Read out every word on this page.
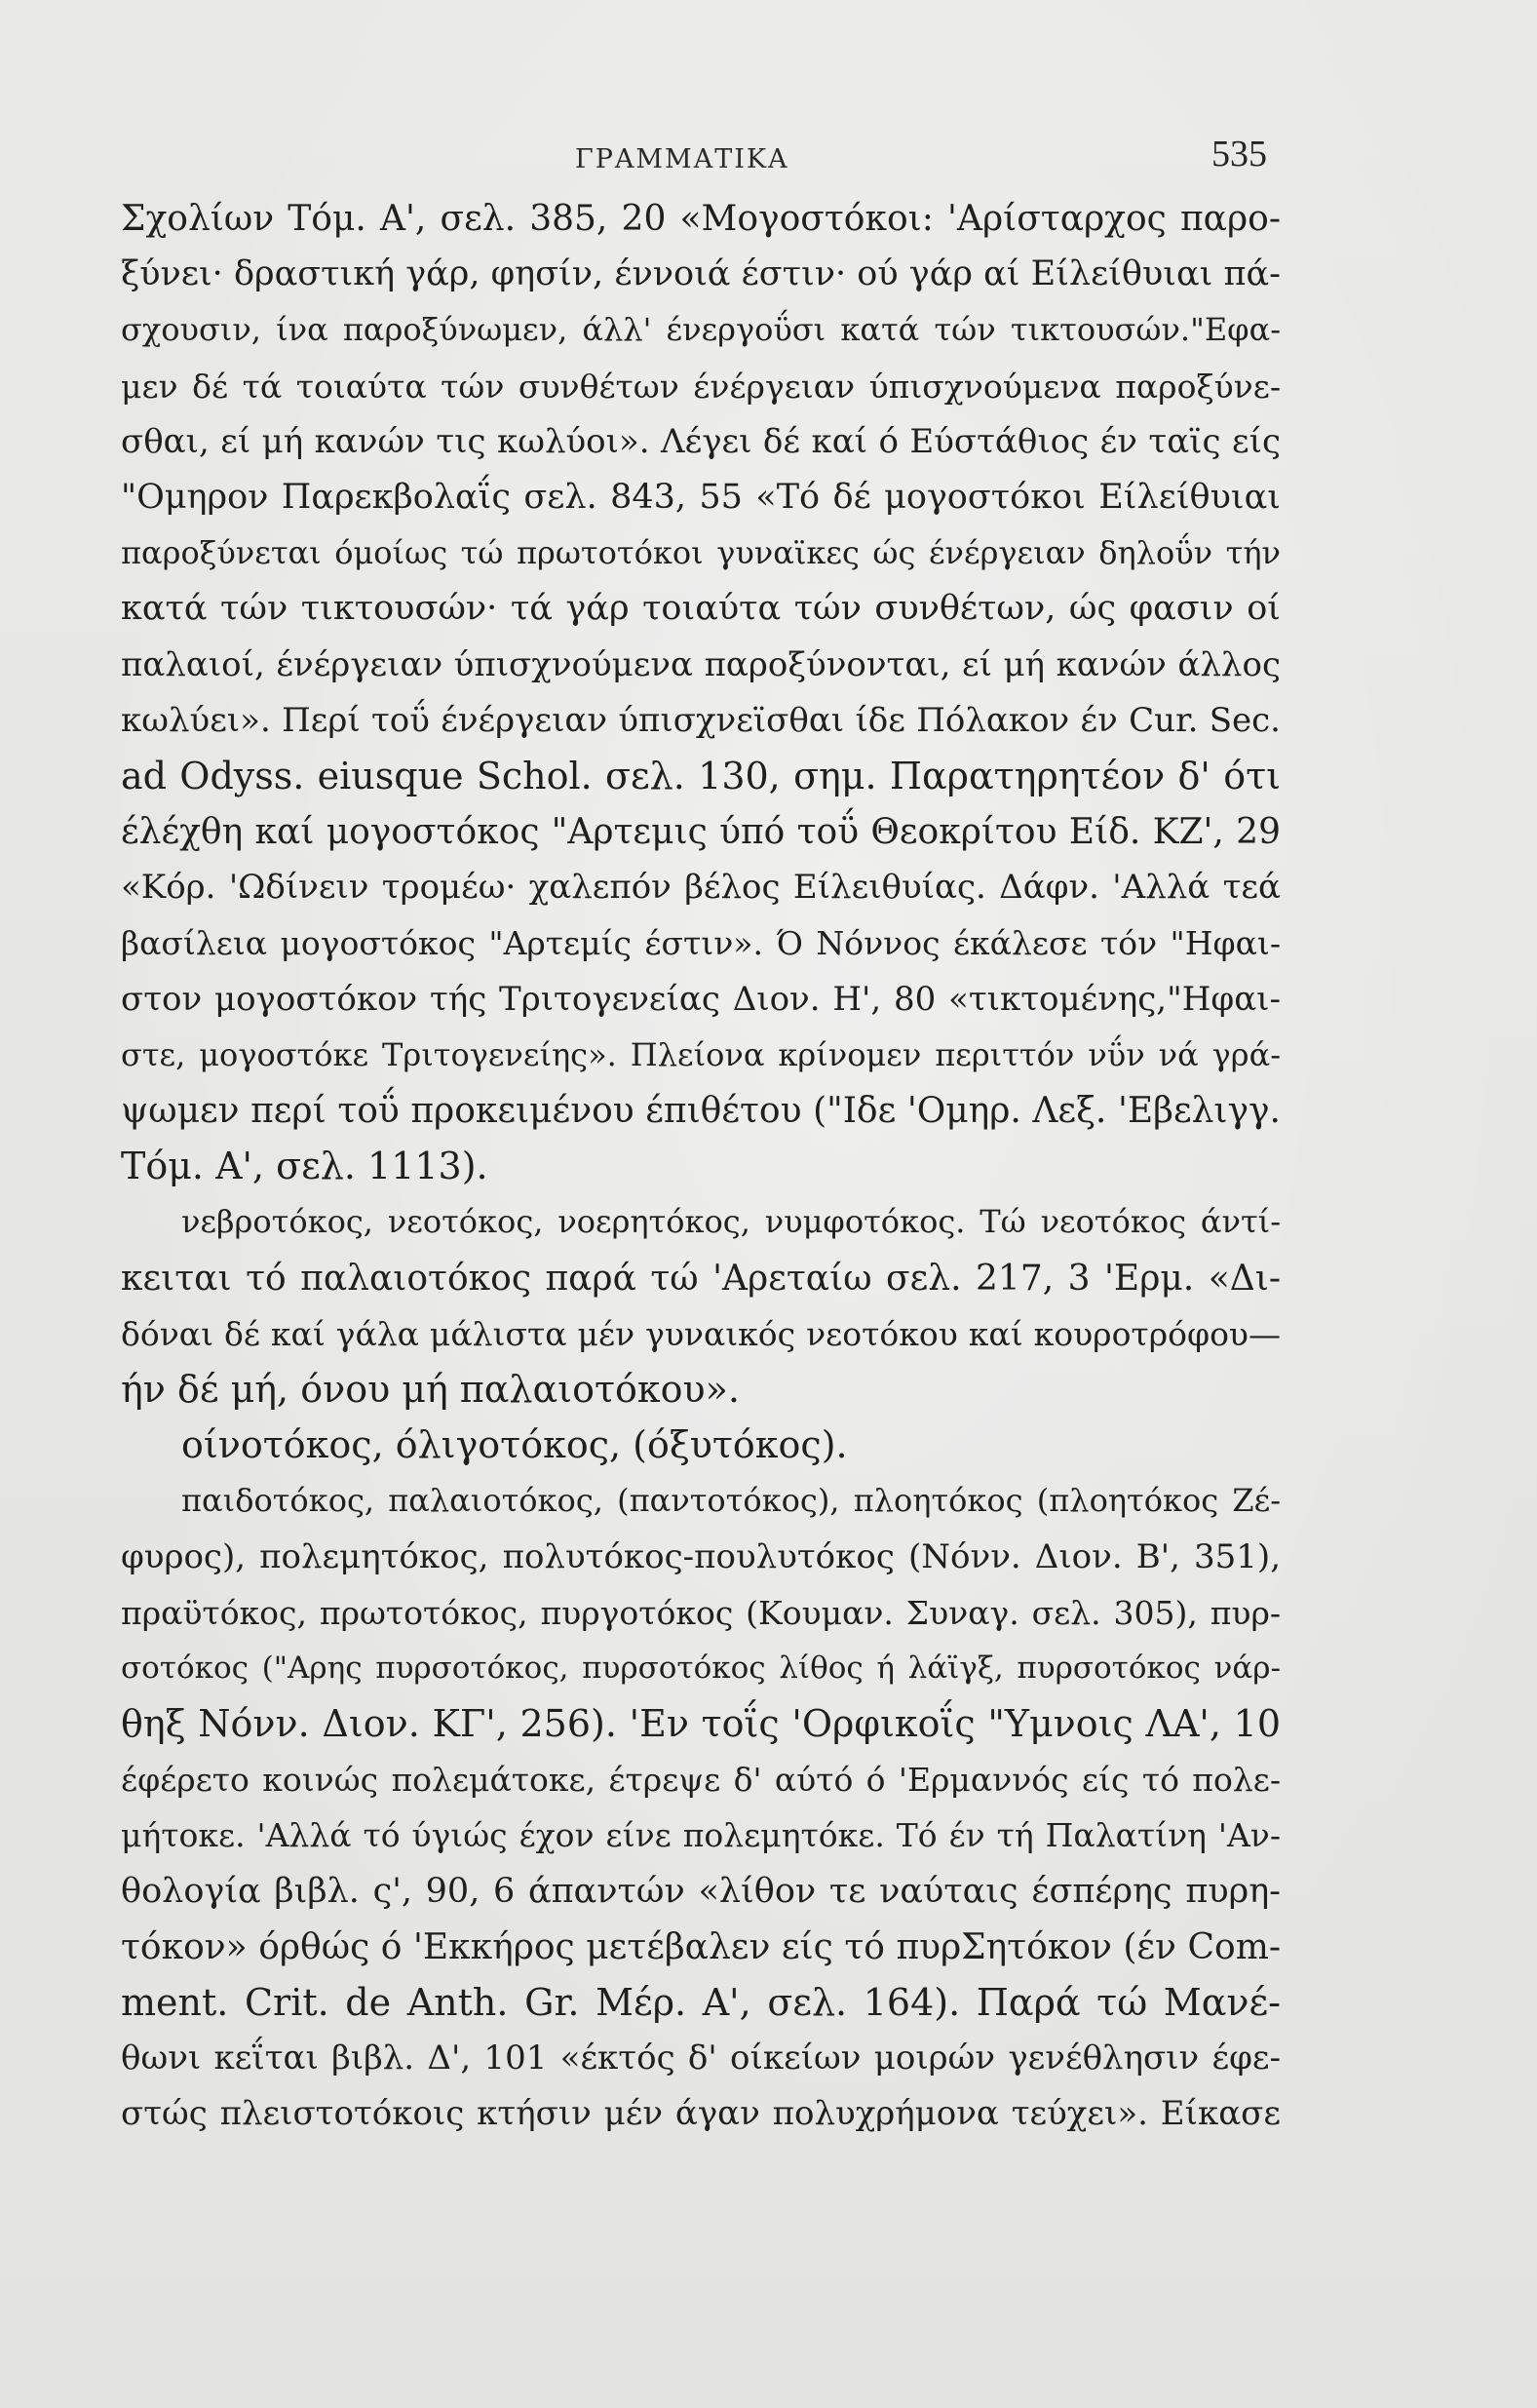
ΓΡΑΜΜΑΤΙΚΑ	535
Σχολίων Τόμ. Α', σελ. 385, 20 «Μογοστόκοι: 'Αρίσταρχος παρο-
ξύνει· δραστική γάρ, φησίν, έννοιά έστιν· ού γάρ αί Είλείθυιαι πά-
σχουσιν, ίνα παροξύνωμεν, άλλ' ένεργοΰσι κατά τών τικτουσών."Εφα-
μεν δέ τά τοιαύτα τών συνθέτων ένέργειαν ύπισχνούμενα παροξύνε-
σθαι, εί μή κανών τις κωλύοι». Λέγει δέ καί ό Εύστάθιος έν ταϊς είς
"Ομηρον Παρεκβολαΐς σελ. 843, 55 «Τό δέ μογοστόκοι Είλείθυιαι
παροξύνεται όμοίως τώ πρωτοτόκοι γυναϊκες ώς ένέργειαν δηλοΰν τήν
κατά τών τικτουσών· τά γάρ τοιαύτα τών συνθέτων, ώς φασιν οί
παλαιοί, ένέργειαν ύπισχνούμενα παροξύνονται, εί μή κανών άλλος
κωλύει». Περί τοΰ ένέργειαν ύπισχνεϊσθαι ίδε Πόλακον έν Cur. Sec.
ad Odyss. eiusque Schol. σελ. 130, σημ. Παρατηρητέον δ' ότι
έλέχθη καί μογοστόκος "Αρτεμις ύπό τοΰ Θεοκρίτου Είδ. ΚΖ', 29
«Κόρ. 'Ωδίνειν τρομέω· χαλεπόν βέλος Είλειθυίας. Δάφν. 'Αλλά τεά
βασίλεια μογοστόκος "Αρτεμίς έστιν». Ό Νόννος έκάλεσε τόν "Ηφαι-
στον μογοστόκον τής Τριτογενείας Διον. Η', 80 «τικτομένης,"Ηφαι-
στε, μογοστόκε Τριτογενείης». Πλείονα κρίνομεν περιττόν νΰν νά γρά-
ψωμεν περί τοΰ προκειμένου έπιθέτου ("Ιδε 'Ομηρ. Λεξ. 'Εβελιγγ.
Τόμ. Α', σελ. 1113).
νεβροτόκος, νεοτόκος, νοερητόκος, νυμφοτόκος. Τώ νεοτόκος άντί-
κειται τό παλαιοτόκος παρά τώ 'Αρεταίω σελ. 217, 3 'Ερμ. «Δι-
δόναι δέ καί γάλα μάλιστα μέν γυναικός νεοτόκου καί κουροτρόφου—
ήν δέ μή, όνου μή παλαιοτόκου».
οίνοτόκος, όλιγοτόκος, (όξυτόκος).
παιδοτόκος, παλαιοτόκος, (παντοτόκος), πλοητόκος (πλοητόκος Ζέ-
φυρος), πολεμητόκος, πολυτόκος-πουλυτόκος (Νόνν. Διον. Β', 351),
πραϋτόκος, πρωτοτόκος, πυργοτόκος (Κουμαν. Συναγ. σελ. 305), πυρ-
σοτόκος ("Αρης πυρσοτόκος, πυρσοτόκος λίθος ή λάϊγξ, πυρσοτόκος νάρ-
θηξ Νόνν. Διον. ΚΓ', 256). 'Εν τοΐς 'Ορφικοΐς "Υμνοις ΛΑ', 10
έφέρετο κοινώς πολεμάτοκε, έτρεψε δ' αύτό ό 'Ερμαννός είς τό πολε-
μήτοκε. 'Αλλά τό ύγιώς έχον είνε πολεμητόκε. Τό έν τή Παλατίνη 'Αν-
θολογία βιβλ. ς', 90, 6 άπαντών «λίθον τε ναύταις έσπέρης πυρη-
τόκον» όρθώς ό 'Εκκήρος μετέβαλεν είς τό πυρΣητόκον (έν Com-
ment. Crit. de Anth. Gr. Μέρ. Α', σελ. 164). Παρά τώ Μανέ-
θωνι κεΐται βιβλ. Δ', 101 «έκτός δ' οίκείων μοιρών γενέθλησιν έφε-
στώς πλειστοτόκοις κτήσιν μέν άγαν πολυχρήμονα τεύχει». Είκασε
